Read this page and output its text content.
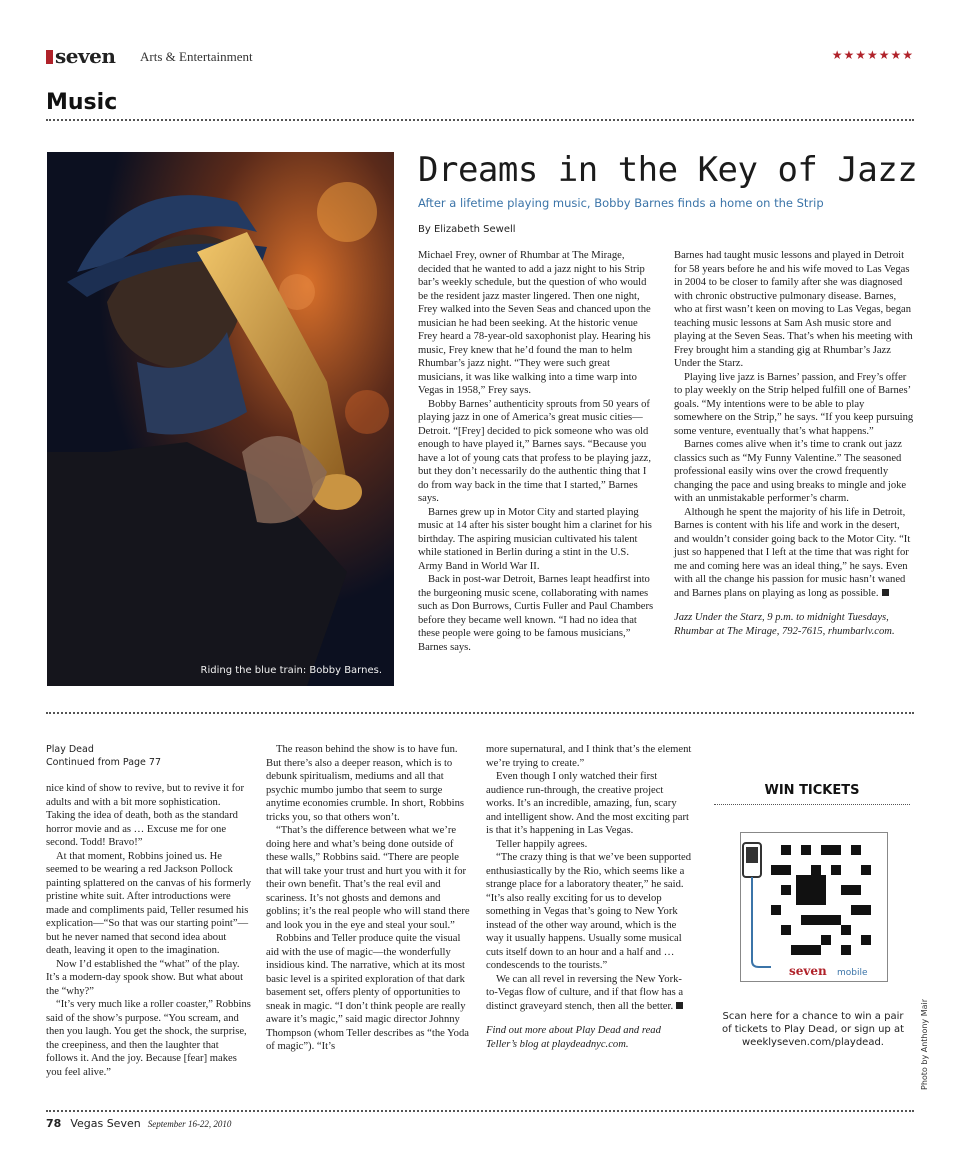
seven Arts & Entertainment	★★★★★★★
Music
Riding the blue train: Bobby Barnes.
Dreams in the Key of Jazz
After a lifetime playing music, Bobby Barnes finds a home on the Strip
By Elizabeth Sewell

Michael Frey, owner of Rhumbar at The Mirage, decided that he wanted to add a jazz night to his Strip bar’s weekly schedule, but the question of who would be the resident jazz master lingered. Then one night, Frey walked into the Seven Seas and chanced upon the musician he had been seeking. At the historic venue Frey heard a 78-year-old saxophonist play. Hearing his music, Frey knew that he’d found the man to helm Rhumbar’s jazz night. “They were such great musicians, it was like walking into a time warp into Vegas in 1958,” Frey says.

Bobby Barnes’ authenticity sprouts from 50 years of playing jazz in one of America’s great music cities—Detroit. “[Frey] decided to pick someone who was old enough to have played it,” Barnes says. “Because you have a lot of young cats that profess to be playing jazz, but they don’t necessarily do the authentic thing that I do from way back in the time that I started,” Barnes says.

Barnes grew up in Motor City and started playing music at 14 after his sister bought him a clarinet for his birthday. The aspiring musician cultivated his talent while stationed in Berlin during a stint in the U.S. Army Band in World War II.

Back in post-war Detroit, Barnes leapt headfirst into the burgeoning music scene, collaborating with names such as Don Burrows, Curtis Fuller and Paul Chambers before they became well known. “I had no idea that these people were going to be famous musicians,” Barnes says.

Barnes had taught music lessons and played in Detroit for 58 years before he and his wife moved to Las Vegas in 2004 to be closer to family after she was diagnosed with chronic obstructive pulmonary disease. Barnes, who at first wasn’t keen on moving to Las Vegas, began teaching music lessons at Sam Ash music store and playing at the Seven Seas. That’s when his meeting with Frey brought him a standing gig at Rhumbar’s Jazz Under the Starz.

Playing live jazz is Barnes’ passion, and Frey’s offer to play weekly on the Strip helped fulfill one of Barnes’ goals. “My intentions were to be able to play somewhere on the Strip,” he says. “If you keep pursuing some venture, eventually that’s what happens.”

Barnes comes alive when it’s time to crank out jazz classics such as “My Funny Valentine.” The seasoned professional easily wins over the crowd frequently changing the pace and using breaks to mingle and joke with an unmistakable performer’s charm.

Although he spent the majority of his life in Detroit, Barnes is content with his life and work in the desert, and wouldn’t consider going back to the Motor City. “It just so happened that I left at the time that was right for me and coming here was an ideal thing,” he says. Even with all the change his passion for music hasn’t waned and Barnes plans on playing as long as possible.

Jazz Under the Starz, 9 p.m. to midnight Tuesdays, Rhumbar at The Mirage, 792-7615, rhumbarlv.com.

Play Dead
Continued from Page 77

nice kind of show to revive, but to revive it for adults and with a bit more sophistication. Taking the idea of death, both as the standard horror movie and as … Excuse me for one second. Todd! Bravo!”

At that moment, Robbins joined us. He seemed to be wearing a red Jackson Pollock painting splattered on the canvas of his formerly pristine white suit. After introductions were made and compliments paid, Teller resumed his explication—“So that was our starting point”—but he never named that second idea about death, leaving it open to the imagination.

Now I’d established the “what” of the play. It’s a modern-day spook show. But what about the “why?”

“It’s very much like a roller coaster,” Robbins said of the show’s purpose. “You scream, and then you laugh. You get the shock, the surprise, the creepiness, and then the laughter that follows it. And the joy. Because [fear] makes you feel alive.”

The reason behind the show is to have fun. But there’s also a deeper reason, which is to debunk spiritualism, mediums and all that psychic mumbo jumbo that seem to surge anytime economies crumble. In short, Robbins tricks you, so that others won’t.

“That’s the difference between what we’re doing here and what’s being done outside of these walls,” Robbins said. “There are people that will take your trust and hurt you with it for their own benefit. That’s the real evil and scariness. It’s not ghosts and demons and goblins; it’s the real people who will stand there and look you in the eye and steal your soul.”

Robbins and Teller produce quite the visual aid with the use of magic—the wonderfully insidious kind. The narrative, which at its most basic level is a spirited exploration of that dark basement set, offers plenty of opportunities to sneak in magic. “I don’t think people are really aware it’s magic,” said magic director Johnny Thompson (whom Teller describes as “the Yoda of magic”). “It’s

more supernatural, and I think that’s the element we’re trying to create.”

Even though I only watched their first audience run-through, the creative project works. It’s an incredible, amazing, fun, scary and intelligent show. And the most exciting part is that it’s happening in Las Vegas.

Teller happily agrees.

“The crazy thing is that we’ve been supported enthusiastically by the Rio, which seems like a strange place for a laboratory theater,” he said. “It’s also really exciting for us to develop something in Vegas that’s going to New York instead of the other way around, which is the way it usually happens. Usually some musical cuts itself down to an hour and a half and … condescends to the tourists.”

We can all revel in reversing the New York-to-Vegas flow of culture, and if that flow has a distinct graveyard stench, then all the better.

Find out more about Play Dead and read Teller’s blog at playdeadnyc.com.

WIN TICKETS
seven mobile
Scan here for a chance to win a pair of tickets to Play Dead, or sign up at weeklyseven.com/playdead.	Photo by Anthony Mair
78 Vegas Seven September 16-22, 2010
